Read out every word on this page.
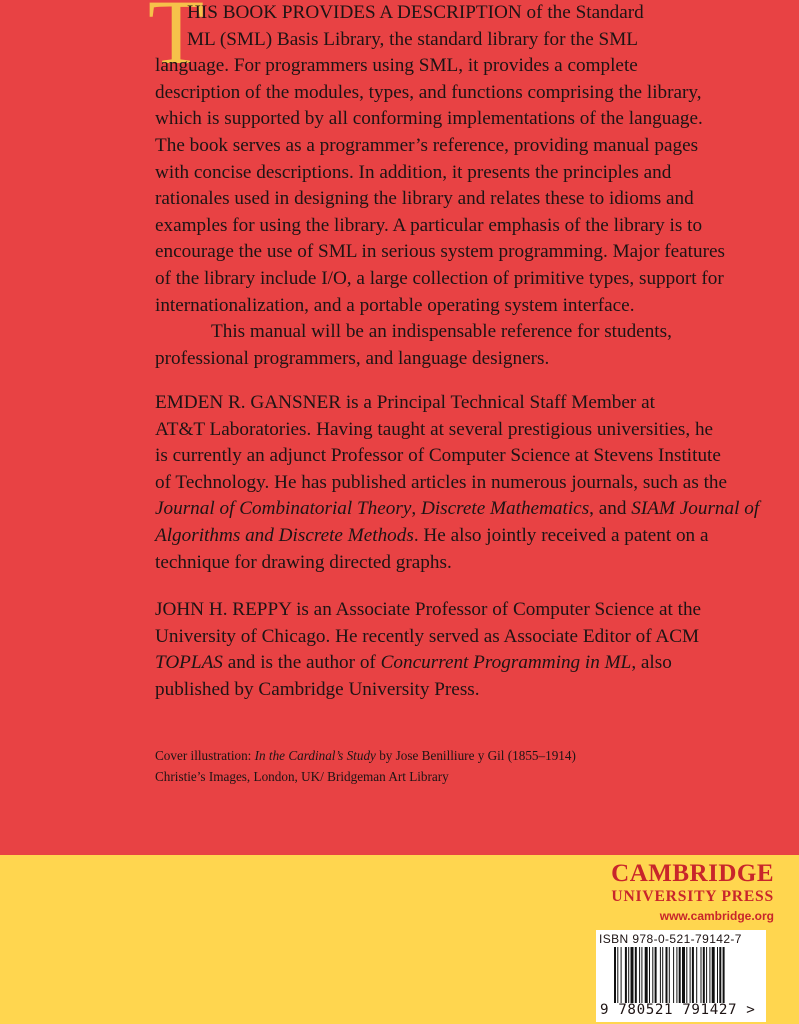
T
HIS BOOK PROVIDES A DESCRIPTION of the Standard
ML (SML) Basis Library, the standard library for the SML
language. For programmers using SML, it provides a complete
description of the modules, types, and functions comprising the library,
which is supported by all conforming implementations of the language.
The book serves as a programmer’s reference, providing manual pages
with concise descriptions. In addition, it presents the principles and
rationales used in designing the library and relates these to idioms and
examples for using the library. A particular emphasis of the library is to
encourage the use of SML in serious system programming. Major features
of the library include I/O, a large collection of primitive types, support for
internationalization, and a portable operating system interface.
This manual will be an indispensable reference for students,
professional programmers, and language designers.
EMDEN R. GANSNER is a Principal Technical Staff Member at
AT&T Laboratories. Having taught at several prestigious universities, he
is currently an adjunct Professor of Computer Science at Stevens Institute
of Technology. He has published articles in numerous journals, such as the
Journal of Combinatorial Theory, Discrete Mathematics, and SIAM Journal of
Algorithms and Discrete Methods. He also jointly received a patent on a
technique for drawing directed graphs.
JOHN H. REPPY is an Associate Professor of Computer Science at the
University of Chicago. He recently served as Associate Editor of ACM
TOPLAS and is the author of Concurrent Programming in ML, also
published by Cambridge University Press.
Cover illustration: In the Cardinal’s Study by Jose Benilliure y Gil (1855–1914)
Christie’s Images, London, UK/ Bridgeman Art Library
CAMBRIDGE
UNIVERSITY PRESS
www.cambridge.org
ISBN 978-0-521-79142-7
9 780521 791427 >
